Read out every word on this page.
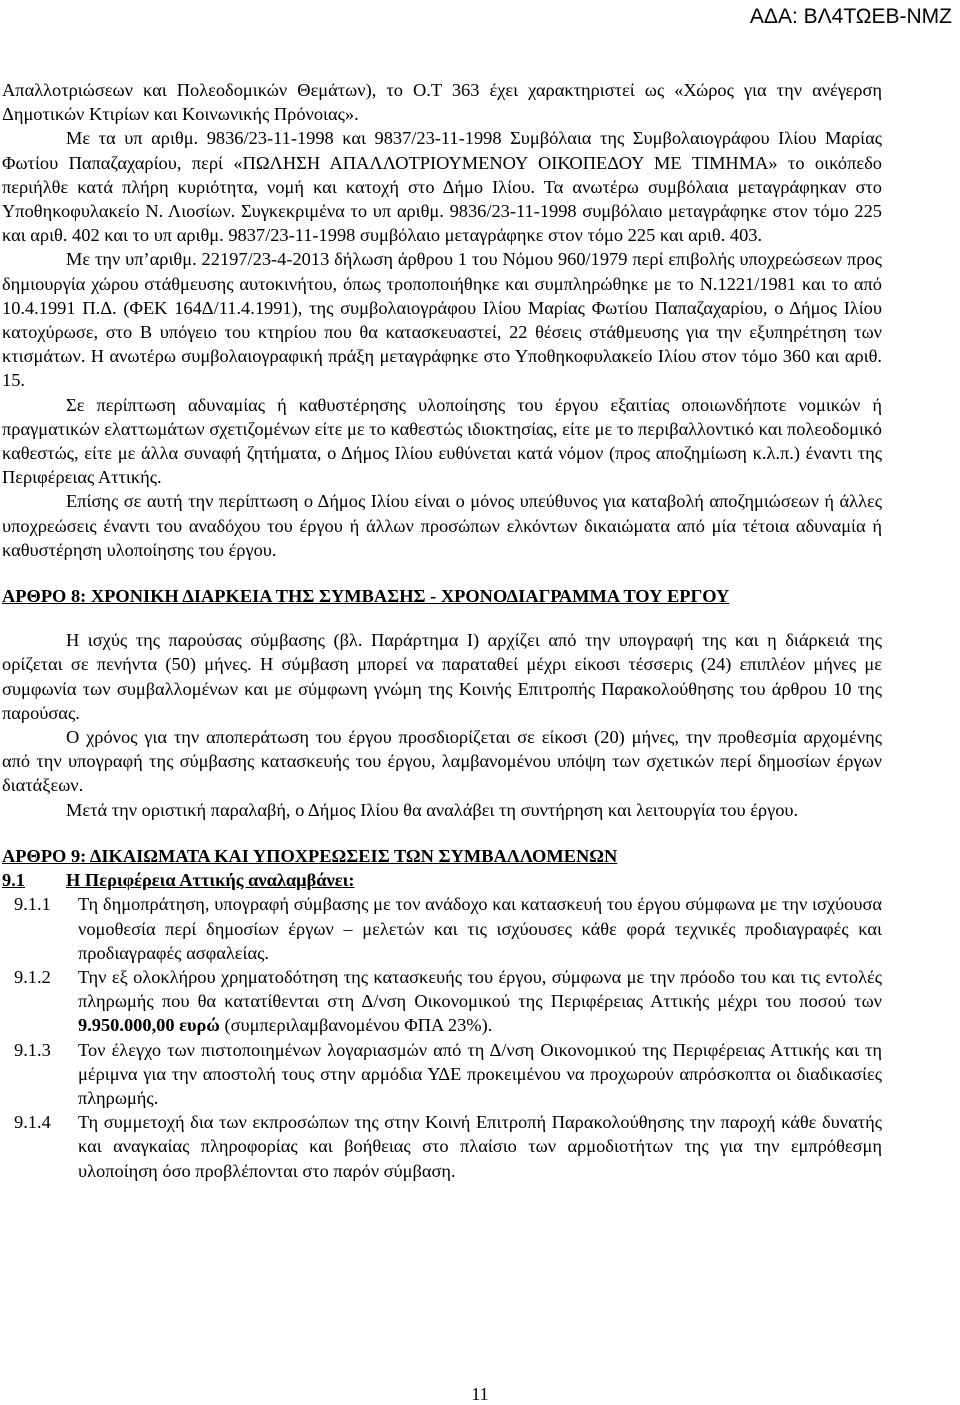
ΑΔΑ: ΒΛ4ΤΩΕΒ-ΝΜΖ

Απαλλοτριώσεων και Πολεοδομικών Θεμάτων), το Ο.Τ 363 έχει χαρακτηριστεί ως «Χώρος για την ανέγερση Δημοτικών Κτιρίων και Κοινωνικής Πρόνοιας».

Με τα υπ αριθμ. 9836/23-11-1998 και 9837/23-11-1998 Συμβόλαια της Συμβολαιογράφου Ιλίου Μαρίας Φωτίου Παπαζαχαρίου, περί «ΠΩΛΗΣΗ ΑΠΑΛΛΟΤΡΙΟΥΜΕΝΟΥ ΟΙΚΟΠΕΔΟΥ ΜΕ ΤΙΜΗΜΑ» το οικόπεδο περιήλθε κατά πλήρη κυριότητα, νομή και κατοχή στο Δήμο Ιλίου. Τα ανωτέρω συμβόλαια μεταγράφηκαν στο Υποθηκοφυλακείο Ν. Λιοσίων. Συγκεκριμένα το υπ αριθμ. 9836/23-11-1998 συμβόλαιο μεταγράφηκε στον τόμο 225 και αριθ. 402 και το υπ αριθμ. 9837/23-11-1998 συμβόλαιο μεταγράφηκε στον τόμο 225 και αριθ. 403.

Με την υπ’αριθμ. 22197/23-4-2013 δήλωση άρθρου 1 του Νόμου 960/1979 περί επιβολής υποχρεώσεων προς δημιουργία χώρου στάθμευσης αυτοκινήτου, όπως τροποποιήθηκε και συμπληρώθηκε με το Ν.1221/1981 και το από 10.4.1991 Π.Δ. (ΦΕΚ 164Δ/11.4.1991), της συμβολαιογράφου Ιλίου Μαρίας Φωτίου Παπαζαχαρίου, ο Δήμος Ιλίου κατοχύρωσε, στο Β υπόγειο του κτηρίου που θα κατασκευαστεί, 22 θέσεις στάθμευσης για την εξυπηρέτηση των κτισμάτων. Η ανωτέρω συμβολαιογραφική πράξη μεταγράφηκε στο Υποθηκοφυλακείο Ιλίου στον τόμο 360 και αριθ. 15.

Σε περίπτωση αδυναμίας ή καθυστέρησης υλοποίησης του έργου εξαιτίας οποιωνδήποτε νομικών ή πραγματικών ελαττωμάτων σχετιζομένων είτε με το καθεστώς ιδιοκτησίας, είτε με το περιβαλλοντικό και πολεοδομικό καθεστώς, είτε με άλλα συναφή ζητήματα, ο Δήμος Ιλίου ευθύνεται κατά νόμον (προς αποζημίωση κ.λ.π.) έναντι της Περιφέρειας Αττικής.

Επίσης σε αυτή την περίπτωση ο Δήμος Ιλίου είναι ο μόνος υπεύθυνος για καταβολή αποζημιώσεων ή άλλες υποχρεώσεις έναντι του αναδόχου του έργου ή άλλων προσώπων ελκόντων δικαιώματα από μία τέτοια αδυναμία ή καθυστέρηση υλοποίησης του έργου.

ΑΡΘΡΟ 8: ΧΡΟΝΙΚΗ ΔΙΑΡΚΕΙΑ ΤΗΣ ΣΥΜΒΑΣΗΣ - ΧΡΟΝΟΔΙΑΓΡΑΜΜΑ ΤΟΥ ΕΡΓΟΥ

Η ισχύς της παρούσας σύμβασης (βλ. Παράρτημα Ι) αρχίζει από την υπογραφή της και η διάρκειά της ορίζεται σε πενήντα (50) μήνες. Η σύμβαση μπορεί να παραταθεί μέχρι είκοσι τέσσερις (24) επιπλέον μήνες με συμφωνία των συμβαλλομένων και με σύμφωνη γνώμη της Κοινής Επιτροπής Παρακολούθησης του άρθρου 10 της παρούσας.

Ο χρόνος για την αποπεράτωση του έργου προσδιορίζεται σε είκοσι (20) μήνες, την προθεσμία αρχομένης από την υπογραφή της σύμβασης κατασκευής του έργου, λαμβανομένου υπόψη των σχετικών περί δημοσίων έργων διατάξεων.

Μετά την οριστική παραλαβή, ο Δήμος Ιλίου θα αναλάβει τη συντήρηση και λειτουργία του έργου.

ΑΡΘΡΟ 9: ΔΙΚΑΙΩΜΑΤΑ ΚΑΙ ΥΠΟΧΡΕΩΣΕΙΣ ΤΩΝ ΣΥΜΒΑΛΛΟΜΕΝΩΝ

9.1	Η Περιφέρεια Αττικής αναλαμβάνει:
9.1.1	Τη δημοπράτηση, υπογραφή σύμβασης με τον ανάδοχο και κατασκευή του έργου σύμφωνα με την ισχύουσα νομοθεσία περί δημοσίων έργων – μελετών και τις ισχύουσες κάθε φορά τεχνικές προδιαγραφές και προδιαγραφές ασφαλείας.
9.1.2	Την εξ ολοκλήρου χρηματοδότηση της κατασκευής του έργου, σύμφωνα με την πρόοδο του και τις εντολές πληρωμής που θα κατατίθενται στη Δ/νση Οικονομικού της Περιφέρειας Αττικής μέχρι του ποσού των 9.950.000,00 ευρώ (συμπεριλαμβανομένου ΦΠΑ 23%).
9.1.3	Τον έλεγχο των πιστοποιημένων λογαριασμών από τη Δ/νση Οικονομικού της Περιφέρειας Αττικής και τη μέριμνα για την αποστολή τους στην αρμόδια ΥΔΕ προκειμένου να προχωρούν απρόσκοπτα οι διαδικασίες πληρωμής.
9.1.4	Τη συμμετοχή δια των εκπροσώπων της στην Κοινή Επιτροπή Παρακολούθησης την παροχή κάθε δυνατής και αναγκαίας πληροφορίας και βοήθειας στο πλαίσιο των αρμοδιοτήτων της για την εμπρόθεσμη υλοποίηση όσο προβλέπονται στο παρόν σύμβαση.
11
